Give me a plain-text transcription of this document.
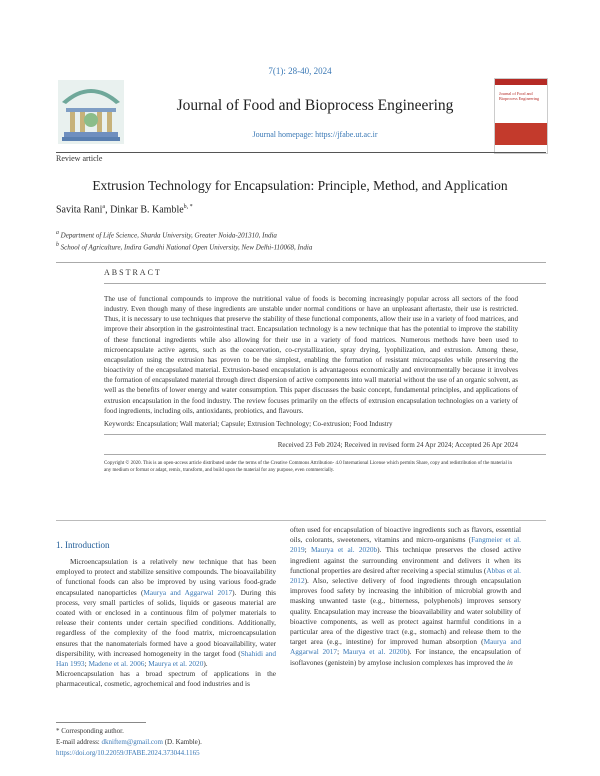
7(1): 28-40, 2024
Journal of Food and Bioprocess Engineering
Journal homepage: https://jfabe.ut.ac.ir
Journal of Food and Bioprocess Engineering
Review article
Extrusion Technology for Encapsulation: Principle, Method, and Application
Savita Rani$^a$, Dinkar B. Kamble$^{b, *}$
$^a$ Department of Life Science, Sharda University, Greater Noida-201310, India
$^b$ School of Agriculture, Indira Gandhi National Open University, New Delhi-110068, India
ABSTRACT
The use of functional compounds to improve the nutritional value of foods is becoming increasingly popular across all sectors of the food industry. Even though many of these ingredients are unstable under normal conditions or have an unpleasant aftertaste, their use is restricted. Thus, it is necessary to use techniques that preserve the stability of these functional components, allow their use in a variety of food matrices, and improve their absorption in the gastrointestinal tract. Encapsulation technology is a new technique that has the potential to improve the stability of these functional ingredients while also allowing for their use in a variety of food matrices. Numerous methods have been used to microencapsulate active agents, such as the coacervation, co-crystallization, spray drying, lyophilization, and extrusion. Among these, encapsulation using the extrusion has proven to be the simplest, enabling the formation of resistant microcapsules while preserving the bioactivity of the encapsulated material. Extrusion-based encapsulation is advantageous economically and environmentally because it involves the formation of encapsulated material through direct dispersion of active components into wall material without the use of an organic solvent, as well as the benefits of lower energy and water consumption. This paper discusses the basic concept, fundamental principles, and applications of extrusion encapsulation in the food industry. The review focuses primarily on the effects of extrusion encapsulation technologies on a variety of food ingredients, including oils, antioxidants, probiotics, and flavours.
Keywords: Encapsulation; Wall material; Capsule; Extrusion Technology; Co-extrusion; Food Industry
Received 23 Feb 2024; Received in revised form 24 Apr 2024; Accepted 26 Apr 2024
Copyright © 2020. This is an open-access article distributed under the terms of the Creative Commons Attribution- 4.0 International License which permits Share, copy and redistribution of the material in any medium or format or adapt, remix, transform, and build upon the material for any purpose, even commercially.
1. Introduction

Microencapsulation is a relatively new technique that has been employed to protect and stabilize sensitive compounds. The bioavailability of functional foods can also be improved by using various food-grade encapsulated nanoparticles (Maurya and Aggarwal 2017). During this process, very small particles of solids, liquids or gaseous material are coated with or enclosed in a continuous film of polymer materials to release their contents under certain specified conditions. Additionally, regardless of the complexity of the food matrix, microencapsulation ensures that the nanomaterials formed have a good bioavailability, water dispersibility, with increased homogeneity in the target food (Shahidi and Han 1993; Madene et al. 2006; Maurya et al. 2020).

Microencapsulation has a broad spectrum of applications in the pharmaceutical, cosmetic, agrochemical and food industries and is

often used for encapsulation of bioactive ingredients such as flavors, essential oils, colorants, sweeteners, vitamins and micro-organisms (Fangmeier et al. 2019; Maurya et al. 2020b). This technique preserves the closed active ingredient against the surrounding environment and delivers it when its functional properties are desired after receiving a special stimulus (Abbas et al. 2012). Also, selective delivery of food ingredients through encapsulation improves food safety by increasing the inhibition of microbial growth and masking unwanted taste (e.g., bitterness, polyphenols) improves sensory quality. Encapsulation may increase the bioavailability and water solubility of bioactive components, as well as protect against harmful conditions in a particular area of the digestive tract (e.g., stomach) and release them to the target area (e.g., intestine) for improved human absorption (Maurya and Aggarwal 2017; Maurya et al. 2020b). For instance, the encapsulation of isoflavones (genistein) by amylose inclusion complexes has improved the in

* Corresponding author.
E-mail address: dkniftem@gmail.com (D. Kamble).
https://doi.org/10.22059/JFABE.2024.373044.1165
